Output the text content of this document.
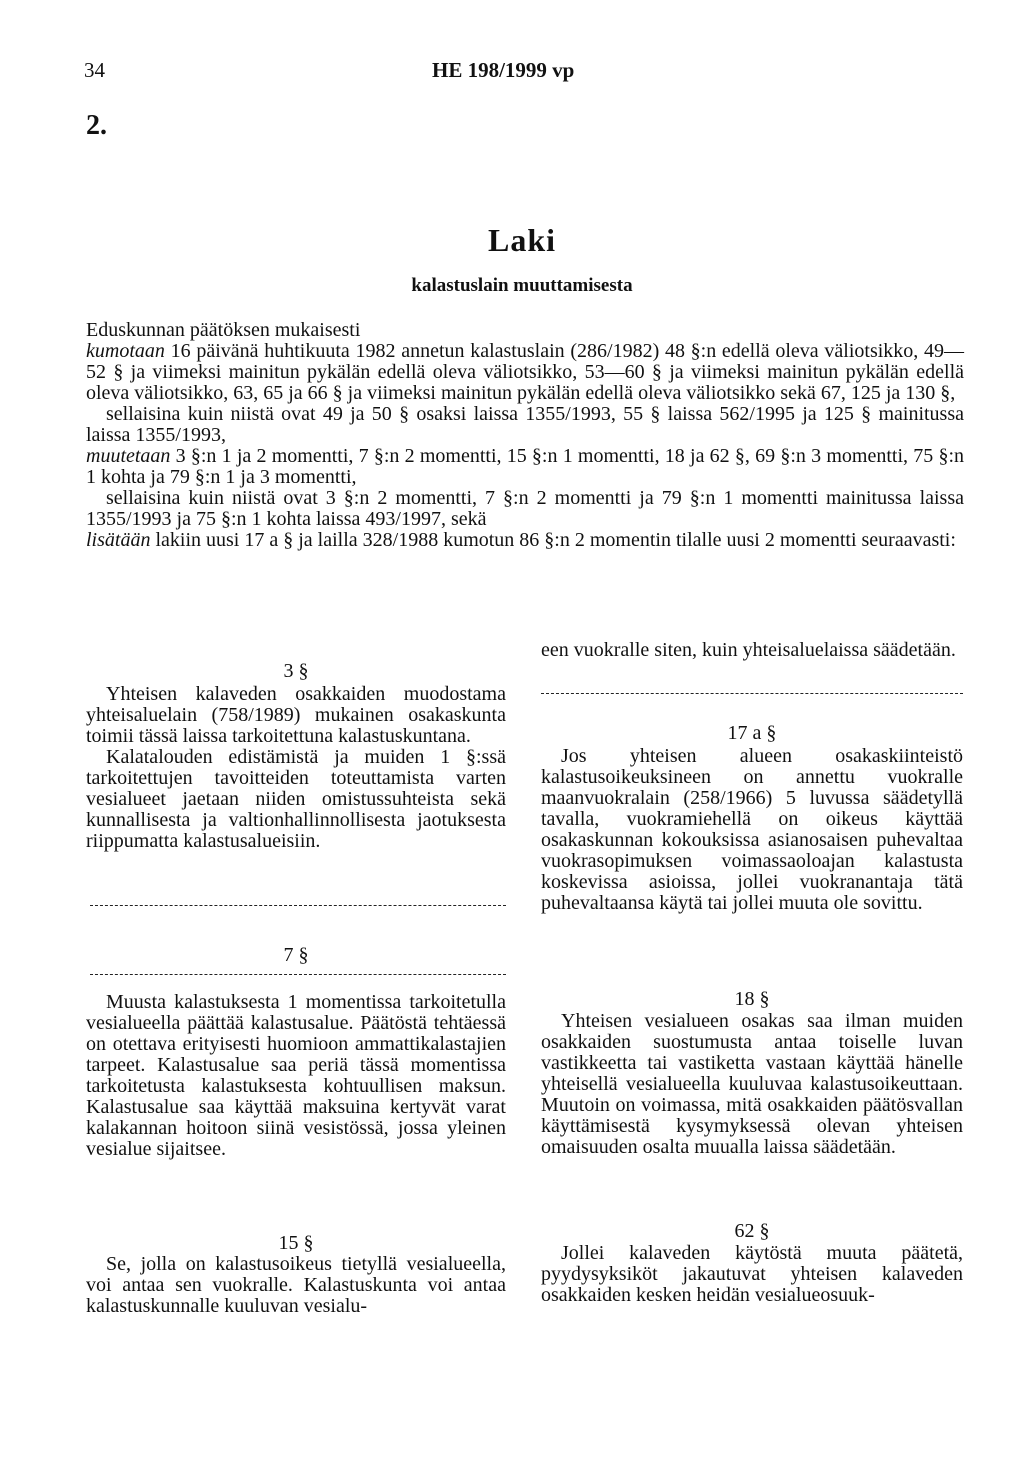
34	HE 198/1999 vp
2.
Laki
kalastuslain muuttamisesta

Eduskunnan päätöksen mukaisesti

kumotaan 16 päivänä huhtikuuta 1982 annetun kalastuslain (286/1982) 48 §:n edellä oleva väliotsikko, 49—52 § ja viimeksi mainitun pykälän edellä oleva väliotsikko, 53—60 § ja viimeksi mainitun pykälän edellä oleva väliotsikko, 63, 65 ja 66 § ja viimeksi mainitun pykälän edellä oleva väliotsikko sekä 67, 125 ja 130 §,

sellaisina kuin niistä ovat 49 ja 50 § osaksi laissa 1355/1993, 55 § laissa 562/1995 ja 125 § mainitussa laissa 1355/1993,

muutetaan 3 §:n 1 ja 2 momentti, 7 §:n 2 momentti, 15 §:n 1 momentti, 18 ja 62 §, 69 §:n 3 momentti, 75 §:n 1 kohta ja 79 §:n 1 ja 3 momentti,

sellaisina kuin niistä ovat 3 §:n 2 momentti, 7 §:n 2 momentti ja 79 §:n 1 momentti mainitussa laissa 1355/1993 ja 75 §:n 1 kohta laissa 493/1997, sekä

lisätään lakiin uusi 17 a § ja lailla 328/1988 kumotun 86 §:n 2 momentin tilalle uusi 2 momentti seuraavasti:

3 §

Yhteisen kalaveden osakkaiden muodostama yhteisaluelain (758/1989) mukainen osakaskunta toimii tässä laissa tarkoitettuna kalastuskuntana.

Kalatalouden edistämistä ja muiden 1 §:ssä tarkoitettujen tavoitteiden toteuttamista varten vesialueet jaetaan niiden omistussuhteista sekä kunnallisesta ja valtionhallinnollisesta jaotuksesta riippumatta kalastusalueisiin.

7 §

Muusta kalastuksesta 1 momentissa tarkoitetulla vesialueella päättää kalastusalue. Päätöstä tehtäessä on otettava erityisesti huomioon ammattikalastajien tarpeet. Kalastusalue saa periä tässä momentissa tarkoitetusta kalastuksesta kohtuullisen maksun. Kalastusalue saa käyttää maksuina kertyvät varat kalakannan hoitoon siinä vesistössä, jossa yleinen vesialue sijaitsee.

15 §

Se, jolla on kalastusoikeus tietyllä vesialueella, voi antaa sen vuokralle. Kalastuskunta voi antaa kalastuskunnalle kuuluvan vesialu-

een vuokralle siten, kuin yhteisaluelaissa säädetään.

17 a §

Jos yhteisen alueen osakaskiinteistö kalastusoikeuksineen on annettu vuokralle maanvuokralain (258/1966) 5 luvussa säädetyllä tavalla, vuokramiehellä on oikeus käyttää osakaskunnan kokouksissa asianosaisen puhevaltaa vuokrasopimuksen voimassaoloajan kalastusta koskevissa asioissa, jollei vuokranantaja tätä puhevaltaansa käytä tai jollei muuta ole sovittu.

18 §

Yhteisen vesialueen osakas saa ilman muiden osakkaiden suostumusta antaa toiselle luvan vastikkeetta tai vastiketta vastaan käyttää hänelle yhteisellä vesialueella kuuluvaa kalastusoikeuttaan. Muutoin on voimassa, mitä osakkaiden päätösvallan käyttämisestä kysymyksessä olevan yhteisen omaisuuden osalta muualla laissa säädetään.

62 §

Jollei kalaveden käytöstä muuta päätetä, pyydysyksiköt jakautuvat yhteisen kalaveden osakkaiden kesken heidän vesialueosuuk-
